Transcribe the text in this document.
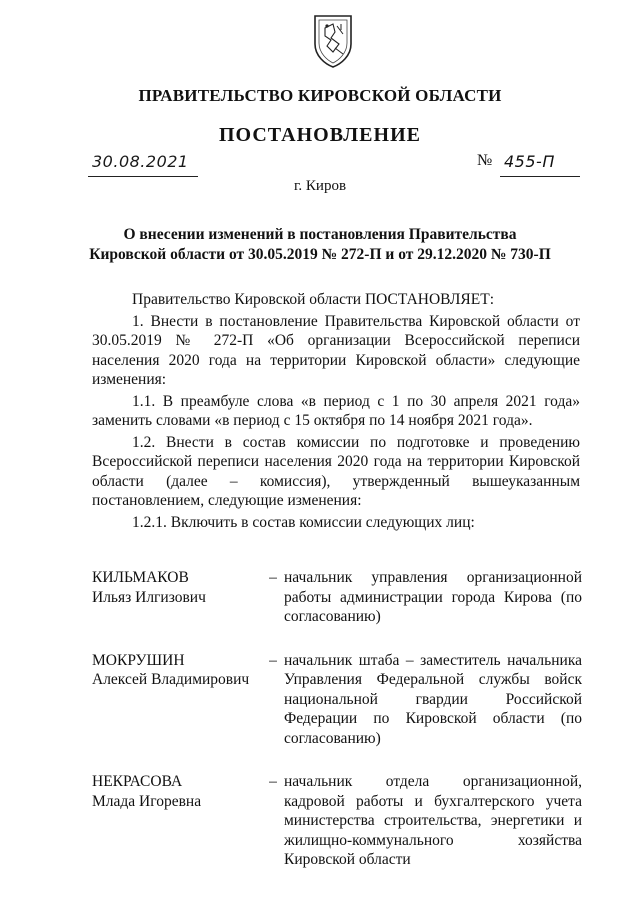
ПРАВИТЕЛЬСТВО КИРОВСКОЙ ОБЛАСТИ
ПОСТАНОВЛЕНИЕ
30.08.2021	№ 455-П
г. Киров
О внесении изменений в постановления Правительства
Кировской области от 30.05.2019 № 272-П и от 29.12.2020 № 730-П

Правительство Кировской области ПОСТАНОВЛЯЕТ:

1. Внести в постановление Правительства Кировской области от 30.05.2019 № 272-П «Об организации Всероссийской переписи населения 2020 года на территории Кировской области» следующие изменения:

1.1. В преамбуле слова «в период с 1 по 30 апреля 2021 года» заменить словами «в период с 15 октября по 14 ноября 2021 года».

1.2. Внести в состав комиссии по подготовке и проведению Всероссийской переписи населения 2020 года на территории Кировской области (далее – комиссия), утвержденный вышеуказанным постановлением, следующие изменения:

1.2.1. Включить в состав комиссии следующих лиц:

КИЛЬМАКОВ
Ильяз Илгизович
– начальник управления организационной работы администрации города Кирова (по согласованию)
МОКРУШИН
Алексей Владимирович
– начальник штаба – заместитель начальника Управления Федеральной службы войск национальной гвардии Российской Федерации по Кировской области (по согласованию)
НЕКРАСОВА
Млада Игоревна
– начальник отдела организационной, кадровой работы и бухгалтерского учета министерства строительства, энергетики и жилищно-коммунального хозяйства Кировской области
